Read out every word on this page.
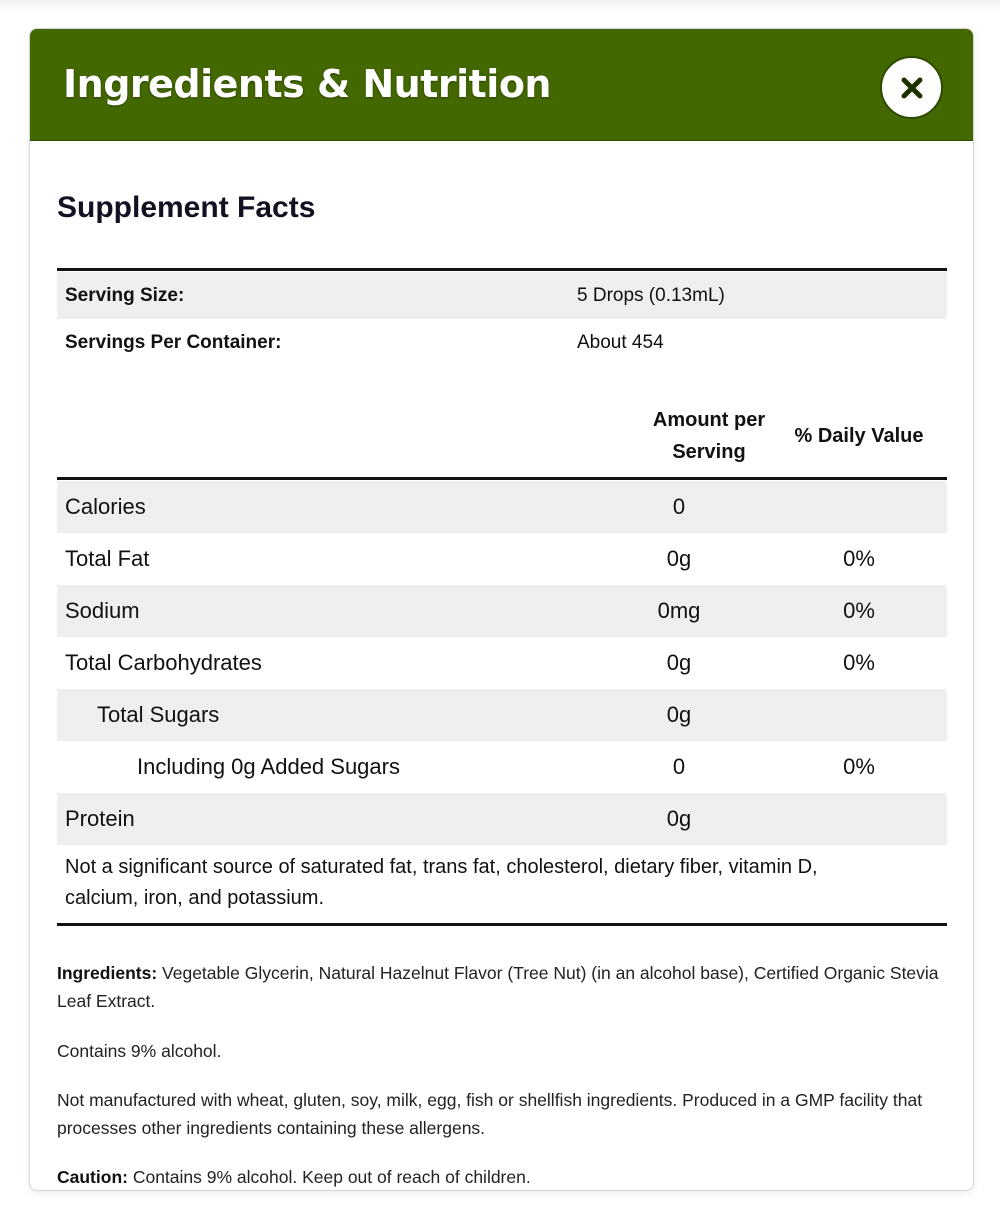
Ingredients & Nutrition
Supplement Facts
Serving Size:	5 Drops (0.13mL)
Servings Per Container:	About 454
Amount per
Serving
% Daily Value
Calories	0
Total Fat	0g	0%
Sodium	0mg	0%
Total Carbohydrates	0g	0%
Total Sugars	0g
Including 0g Added Sugars	0	0%
Protein	0g
Not a significant source of saturated fat, trans fat, cholesterol, dietary fiber, vitamin D,
calcium, iron, and potassium.
Ingredients: Vegetable Glycerin, Natural Hazelnut Flavor (Tree Nut) (in an alcohol base), Certified Organic Stevia Leaf Extract.
Contains 9% alcohol.
Not manufactured with wheat, gluten, soy, milk, egg, fish or shellfish ingredients. Produced in a GMP facility that processes other ingredients containing these allergens.
Caution: Contains 9% alcohol. Keep out of reach of children.
